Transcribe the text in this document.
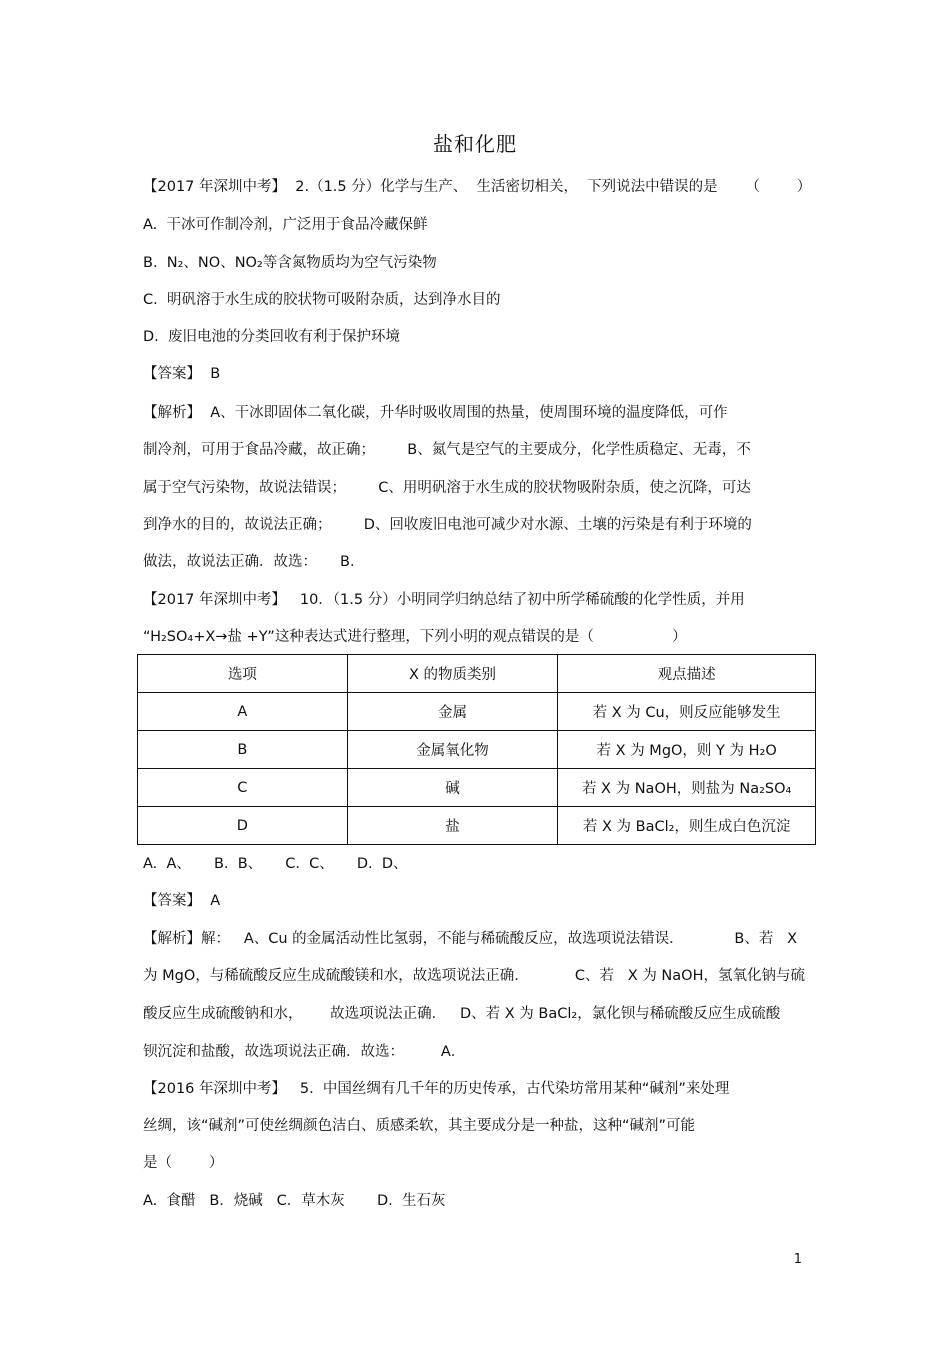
盐和化肥
【2017 年深圳中考】  2.（1.5 分）化学与生产、  生活密切相关，  下列说法中错误的是      （        ）
A.  干冰可作制冷剂，广泛用于食品冷藏保鲜
B.  N₂、NO、NO₂等含氮物质均为空气污染物
C.  明矾溶于水生成的胶状物可吸附杂质，达到净水目的
D.  废旧电池的分类回收有利于保护环境
【答案】  B
【解析】  A、干冰即固体二氧化碳，升华时吸收周围的热量，使周围环境的温度降低，可作
制冷剂，可用于食品冷藏，故正确；       B、氮气是空气的主要成分，化学性质稳定、无毒，不
属于空气污染物，故说法错误；       C、用明矾溶于水生成的胶状物吸附杂质，使之沉降，可达
到净水的目的，故说法正确；       D、回收废旧电池可减少对水源、土壤的污染是有利于环境的
做法，故说法正确．故选：     B．
【2017 年深圳中考】   10．（1.5 分）小明同学归纳总结了初中所学稀硫酸的化学性质，并用
“H₂SO₄+X→盐 +Y”这种表达式进行整理，下列小明的观点错误的是（                 ）
选项	X 的物质类别	观点描述
A	金属	若 X 为 Cu，则反应能够发生
B	金属氧化物	若 X 为 MgO，则 Y 为 H₂O
C	碱	若 X 为 NaOH，则盐为 Na₂SO₄
D	盐	若 X 为 BaCl₂，则生成白色沉淀
A.  A、     B.  B、     C.  C、     D.  D、
【答案】  A
【解析】解：   A、Cu 的金属活动性比氢弱，不能与稀硫酸反应，故选项说法错误．           B、若   X
为 MgO，与稀硫酸反应生成硫酸镁和水，故选项说法正确．          C、若   X 为 NaOH，氢氧化钠与硫
酸反应生成硫酸钠和水，      故选项说法正确．   D、若 X 为 BaCl₂，氯化钡与稀硫酸反应生成硫酸
钡沉淀和盐酸，故选项说法正确．故选：        A．
【2016 年深圳中考】   5.  中国丝绸有几千年的历史传承，古代染坊常用某种“碱剂”来处理
丝绸，该“碱剂”可使丝绸颜色洁白、质感柔软，其主要成分是一种盐，这种“碱剂”可能
是（        ）
A.  食醋   B．烧碱   C．草木灰       D.  生石灰
1
